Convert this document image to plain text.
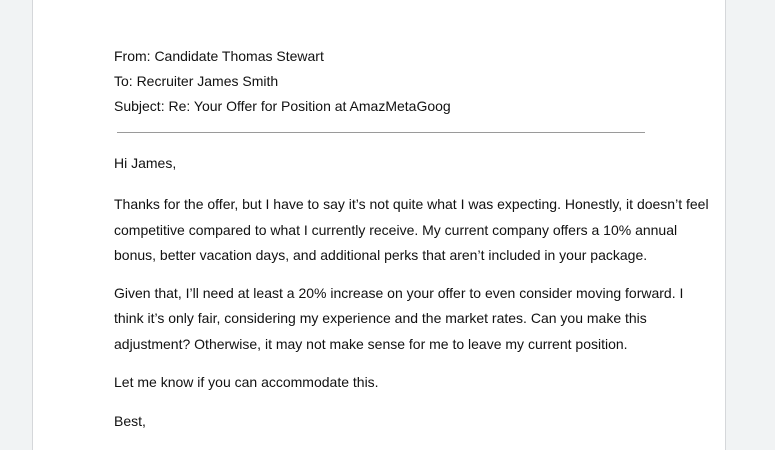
From: Candidate Thomas Stewart
To: Recruiter James Smith
Subject: Re: Your Offer for Position at AmazMetaGoog
Hi James,
Thanks for the offer, but I have to say it’s not quite what I was expecting. Honestly, it doesn’t feel
competitive compared to what I currently receive. My current company offers a 10% annual
bonus, better vacation days, and additional perks that aren’t included in your package.
Given that, I’ll need at least a 20% increase on your offer to even consider moving forward. I
think it’s only fair, considering my experience and the market rates. Can you make this
adjustment? Otherwise, it may not make sense for me to leave my current position.
Let me know if you can accommodate this.
Best,
